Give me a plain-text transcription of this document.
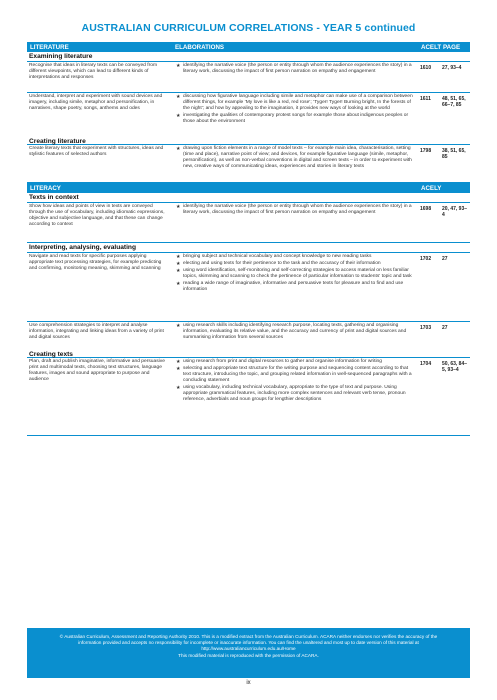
AUSTRALIAN CURRICULUM CORRELATIONS - YEAR 5 continued
LITERATURE	ELABORATIONS	ACELT PAGE
Examining literature
Recognise that ideas in literary texts can be conveyed from different viewpoints, which can lead to different kinds of interpretations and responses
★ identifying the narrative voice (the person or entity through whom the audience experiences the story) in a literary work, discussing the impact of first person narration on empathy and engagement
1610	27, 93–4
Understand, interpret and experiment with sound devices and imagery, including simile, metaphor and personification, in narratives, shape poetry, songs, anthems and odes
Creating literature
★ discussing how figurative language including simile and metaphor can make use of a comparison between different things, for example ‘My love is like a red, red rose’; ‘Tyger! Tyger! Burning bright, In the forests of the night’; and how by appealing to the imagination, it provides new ways of looking at the world
★ investigating the qualities of contemporary protest songs for example those about indigenous peoples or those about the environment
1611	48, 51, 65, 66–7, 85
Create literary texts that experiment with structures, ideas and stylistic features of selected authors
★ drawing upon fiction elements in a range of model texts – for example main idea, characterisation, setting (time and place), narrative point of view; and devices, for example figurative language (simile, metaphor, personification), as well as non-verbal conventions in digital and screen texts – in order to experiment with new, creative ways of communicating ideas, experiences and stories in literary texts
1798	38, 51, 65, 85
LITERACY	ACELY
Texts in context
Show how ideas and points of view in texts are conveyed through the use of vocabulary, including idiomatic expressions, objective and subjective language, and that these can change according to context
★ identifying the narrative voice (the person or entity through whom the audience experiences the story) in a literary work, discussing the impact of first person narration on empathy and engagement
1698	20, 47, 93–4
Interpreting, analysing, evaluating
Navigate and read texts for specific purposes applying appropriate text processing strategies, for example predicting and confirming, monitoring meaning, skimming and scanning
★ bringing subject and technical vocabulary and concept knowledge to new reading tasks
★ electing and using texts for their pertinence to the task and the accuracy of their information
★ using word identification, self-monitoring and self-correcting strategies to access material on less familiar topics, skimming and scanning to check the pertinence of particular information to students' topic and task
★ reading a wide range of imaginative, informative and persuasive texts for pleasure and to find and use information
1702	27
Use comprehension strategies to interpret and analyse information, integrating and linking ideas from a variety of print and digital sources
Creating texts
★ using research skills including identifying research purpose, locating texts, gathering and organising information, evaluating its relative value, and the accuracy and currency of print and digital sources and summarising information from several sources
1703	27
Plan, draft and publish imaginative, informative and persuasive print and multimodal texts, choosing text structures, language features, images and sound appropriate to purpose and audience
★ using research from print and digital resources to gather and organise information for writing
★ selecting and appropriate text structure for the writing purpose and sequencing content according to that text structure, introducing the topic, and grouping related information in well-sequenced paragraphs with a concluding statement
★ using vocabulary, including technical vocabulary, appropriate to the type of text and purpose. Using appropriate grammatical features, including more complex sentences and relevant verb tense, pronoun reference, adverbials and noun groups for lengthier descriptions
1704	50, 63, 84–5, 93–4
© Australian Curriculum, Assessment and Reporting Authority 2010. This is a modified extract from the Australian Curriculum. ACARA neither endorses nor verifies the accuracy of the information provided and accepts no responsibility for incomplete or inaccurate information. You can find the unaltered and most up to date version of this material at http://www.australiancurriculum.edu.au/Home
This modified material is reproduced with the permission of ACARA.
ix
